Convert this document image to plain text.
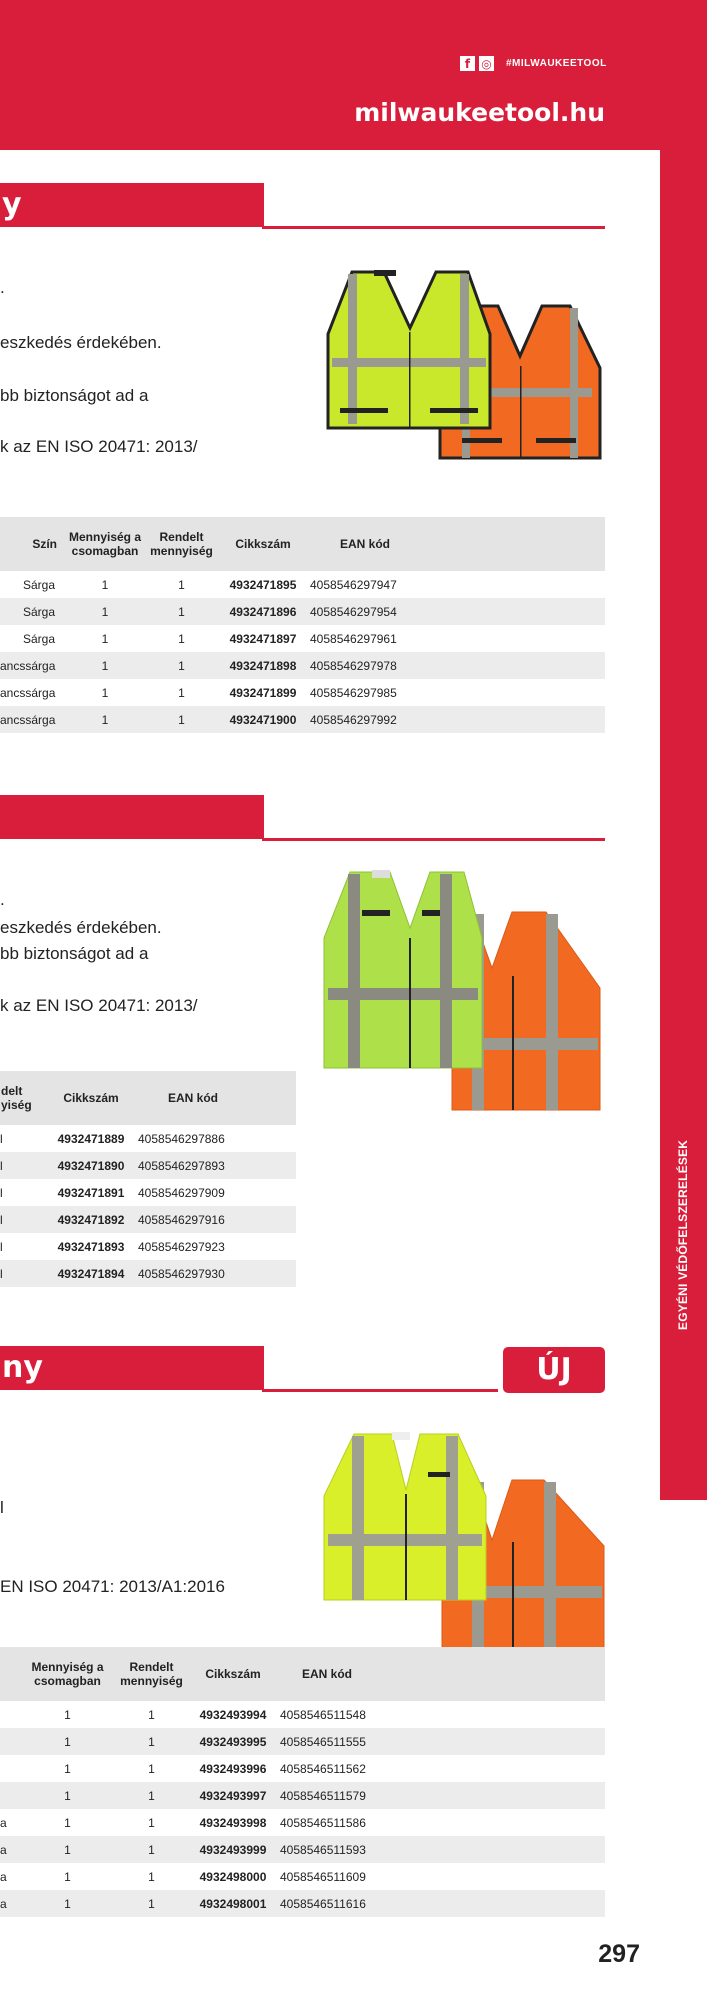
f ◎ #MILWAUKEETOOL
milwaukeetool.hu
EGYÉNI VÉDŐFELSZERELÉSEK
y
.
eszkedés érdekében.
bb biztonságot ad a
k az EN ISO 20471: 2013/
Szín	Mennyiség a csomagban	Rendelt mennyiség	Cikkszám	EAN kód
Sárga	1	1	4932471895	4058546297947
Sárga	1	1	4932471896	4058546297954
Sárga	1	1	4932471897	4058546297961
ancssárga	1	1	4932471898	4058546297978
ancssárga	1	1	4932471899	4058546297985
ancssárga	1	1	4932471900	4058546297992
.
eszkedés érdekében.
bb biztonságot ad a
k az EN ISO 20471: 2013/
delt yiség	Cikkszám	EAN kód
l	4932471889	4058546297886
l	4932471890	4058546297893
l	4932471891	4058546297909
l	4932471892	4058546297916
l	4932471893	4058546297923
l	4932471894	4058546297930
ny	ÚJ
l
EN ISO 20471: 2013/A1:2016
	Mennyiség a csomagban	Rendelt mennyiség	Cikkszám	EAN kód
	1	1	4932493994	4058546511548
	1	1	4932493995	4058546511555
	1	1	4932493996	4058546511562
	1	1	4932493997	4058546511579
a	1	1	4932493998	4058546511586
a	1	1	4932493999	4058546511593
a	1	1	4932498000	4058546511609
a	1	1	4932498001	4058546511616
297
